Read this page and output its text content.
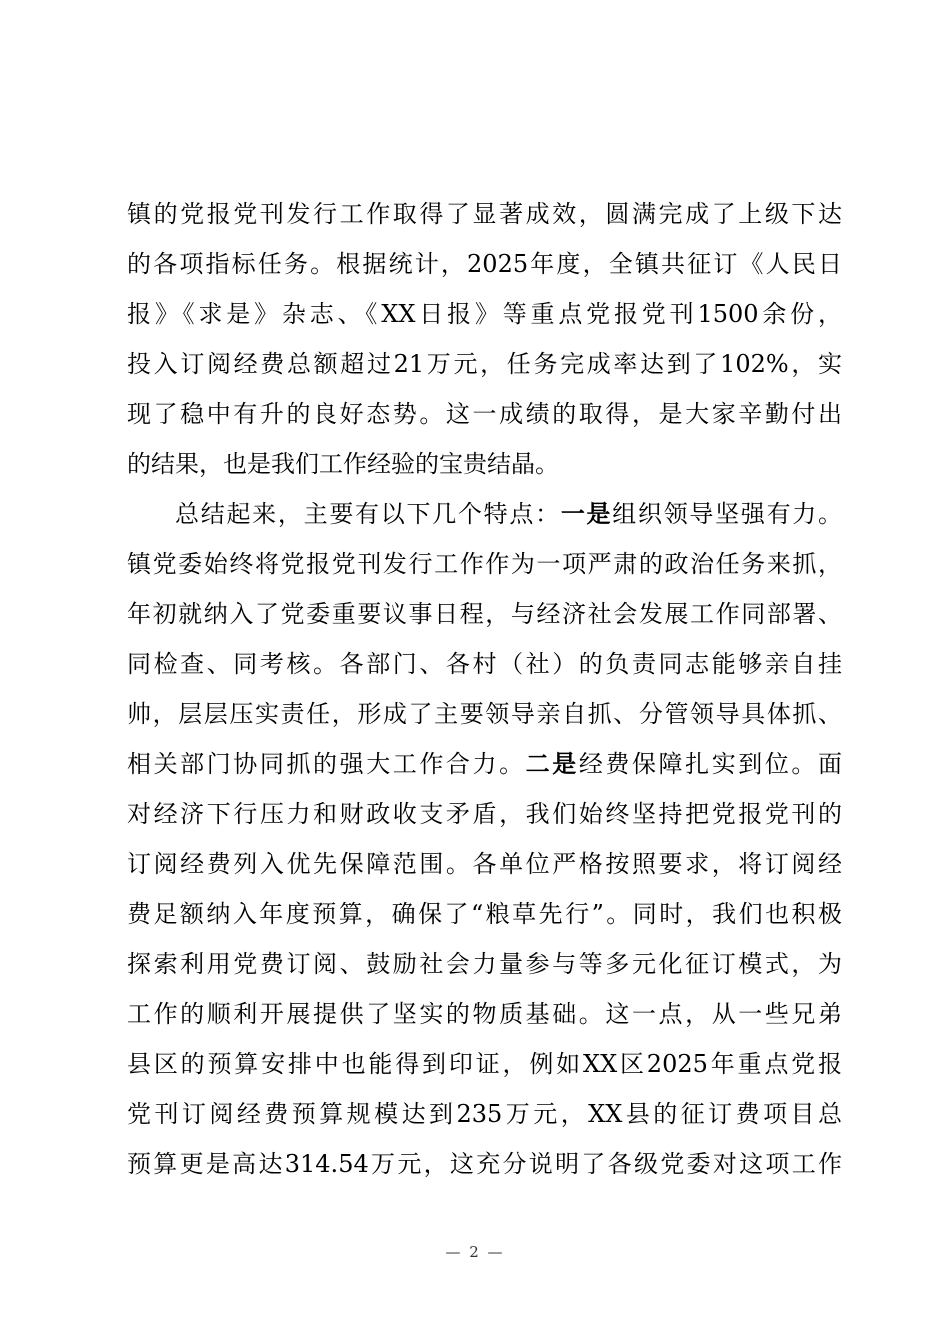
镇的党报党刊发行工作取得了显著成效，圆满完成了上级下达
的各项指标任务。根据统计，2025年度，全镇共征订《人民日
报》《求是》杂志、《XX日报》等重点党报党刊1500余份，
投入订阅经费总额超过21万元，任务完成率达到了102%，实
现了稳中有升的良好态势。这一成绩的取得，是大家辛勤付出
的结果，也是我们工作经验的宝贵结晶。
总结起来，主要有以下几个特点：一是组织领导坚强有力。
镇党委始终将党报党刊发行工作作为一项严肃的政治任务来抓，
年初就纳入了党委重要议事日程，与经济社会发展工作同部署、
同检查、同考核。各部门、各村（社）的负责同志能够亲自挂
帅，层层压实责任，形成了主要领导亲自抓、分管领导具体抓、
相关部门协同抓的强大工作合力。二是经费保障扎实到位。面
对经济下行压力和财政收支矛盾，我们始终坚持把党报党刊的
订阅经费列入优先保障范围。各单位严格按照要求，将订阅经
费足额纳入年度预算，确保了“粮草先行”。同时，我们也积极
探索利用党费订阅、鼓励社会力量参与等多元化征订模式，为
工作的顺利开展提供了坚实的物质基础。这一点，从一些兄弟
县区的预算安排中也能得到印证，例如XX区2025年重点党报
党刊订阅经费预算规模达到235万元，XX县的征订费项目总
预算更是高达314.54万元，这充分说明了各级党委对这项工作
— 2 —
